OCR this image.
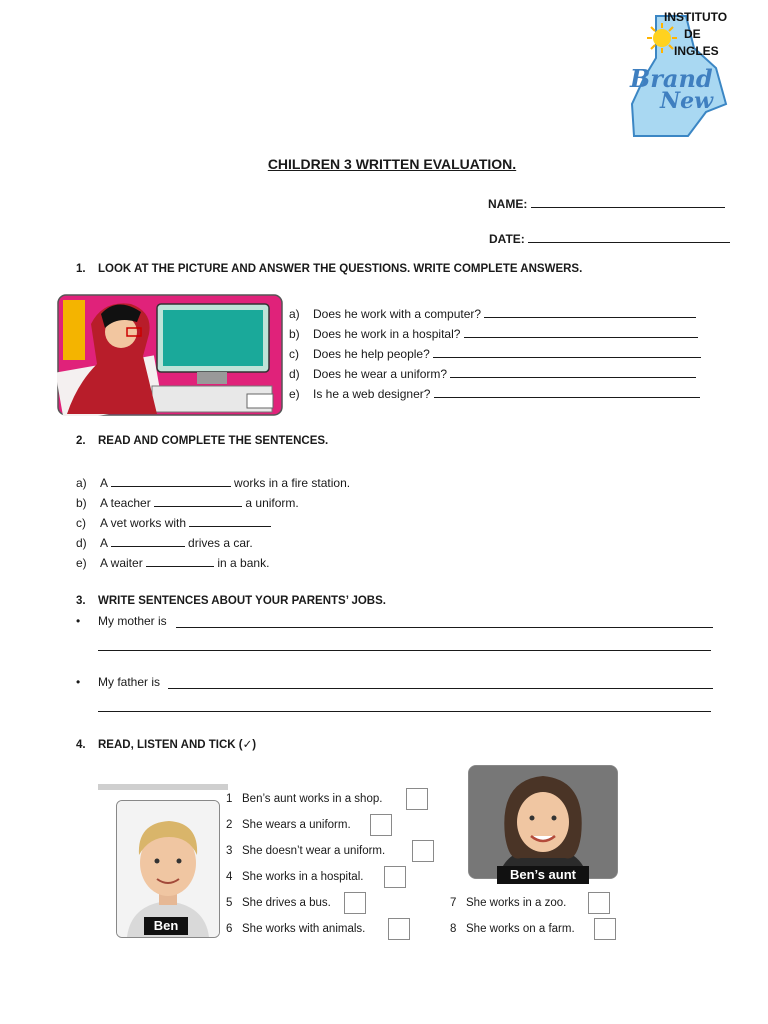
INSTITUTO
DE
INGLES
Brand
New
CHILDREN 3 WRITTEN EVALUATION.
NAME:
DATE:
1. LOOK AT THE PICTURE AND ANSWER THE QUESTIONS. WRITE COMPLETE ANSWERS.
a) Does he work with a computer?
b) Does he work in a hospital?
c) Does he help people?
d) Does he wear a uniform?
e) Is he a web designer?
2. READ AND COMPLETE THE SENTENCES.
a) A	works in a fire station.
b) A teacher	a uniform.
c) A vet works with
d) A	drives a car.
e) A waiter	in a bank.
3. WRITE SENTENCES ABOUT YOUR PARENTS’ JOBS.
• My mother is
• My father is
4. READ, LISTEN AND TICK (✓)
Ben
Ben’s aunt
1 Ben’s aunt works in a shop.
2 She wears a uniform.
3 She doesn’t wear a uniform.
4 She works in a hospital.
5 She drives a bus.
6 She works with animals.
7 She works in a zoo.
8 She works on a farm.
